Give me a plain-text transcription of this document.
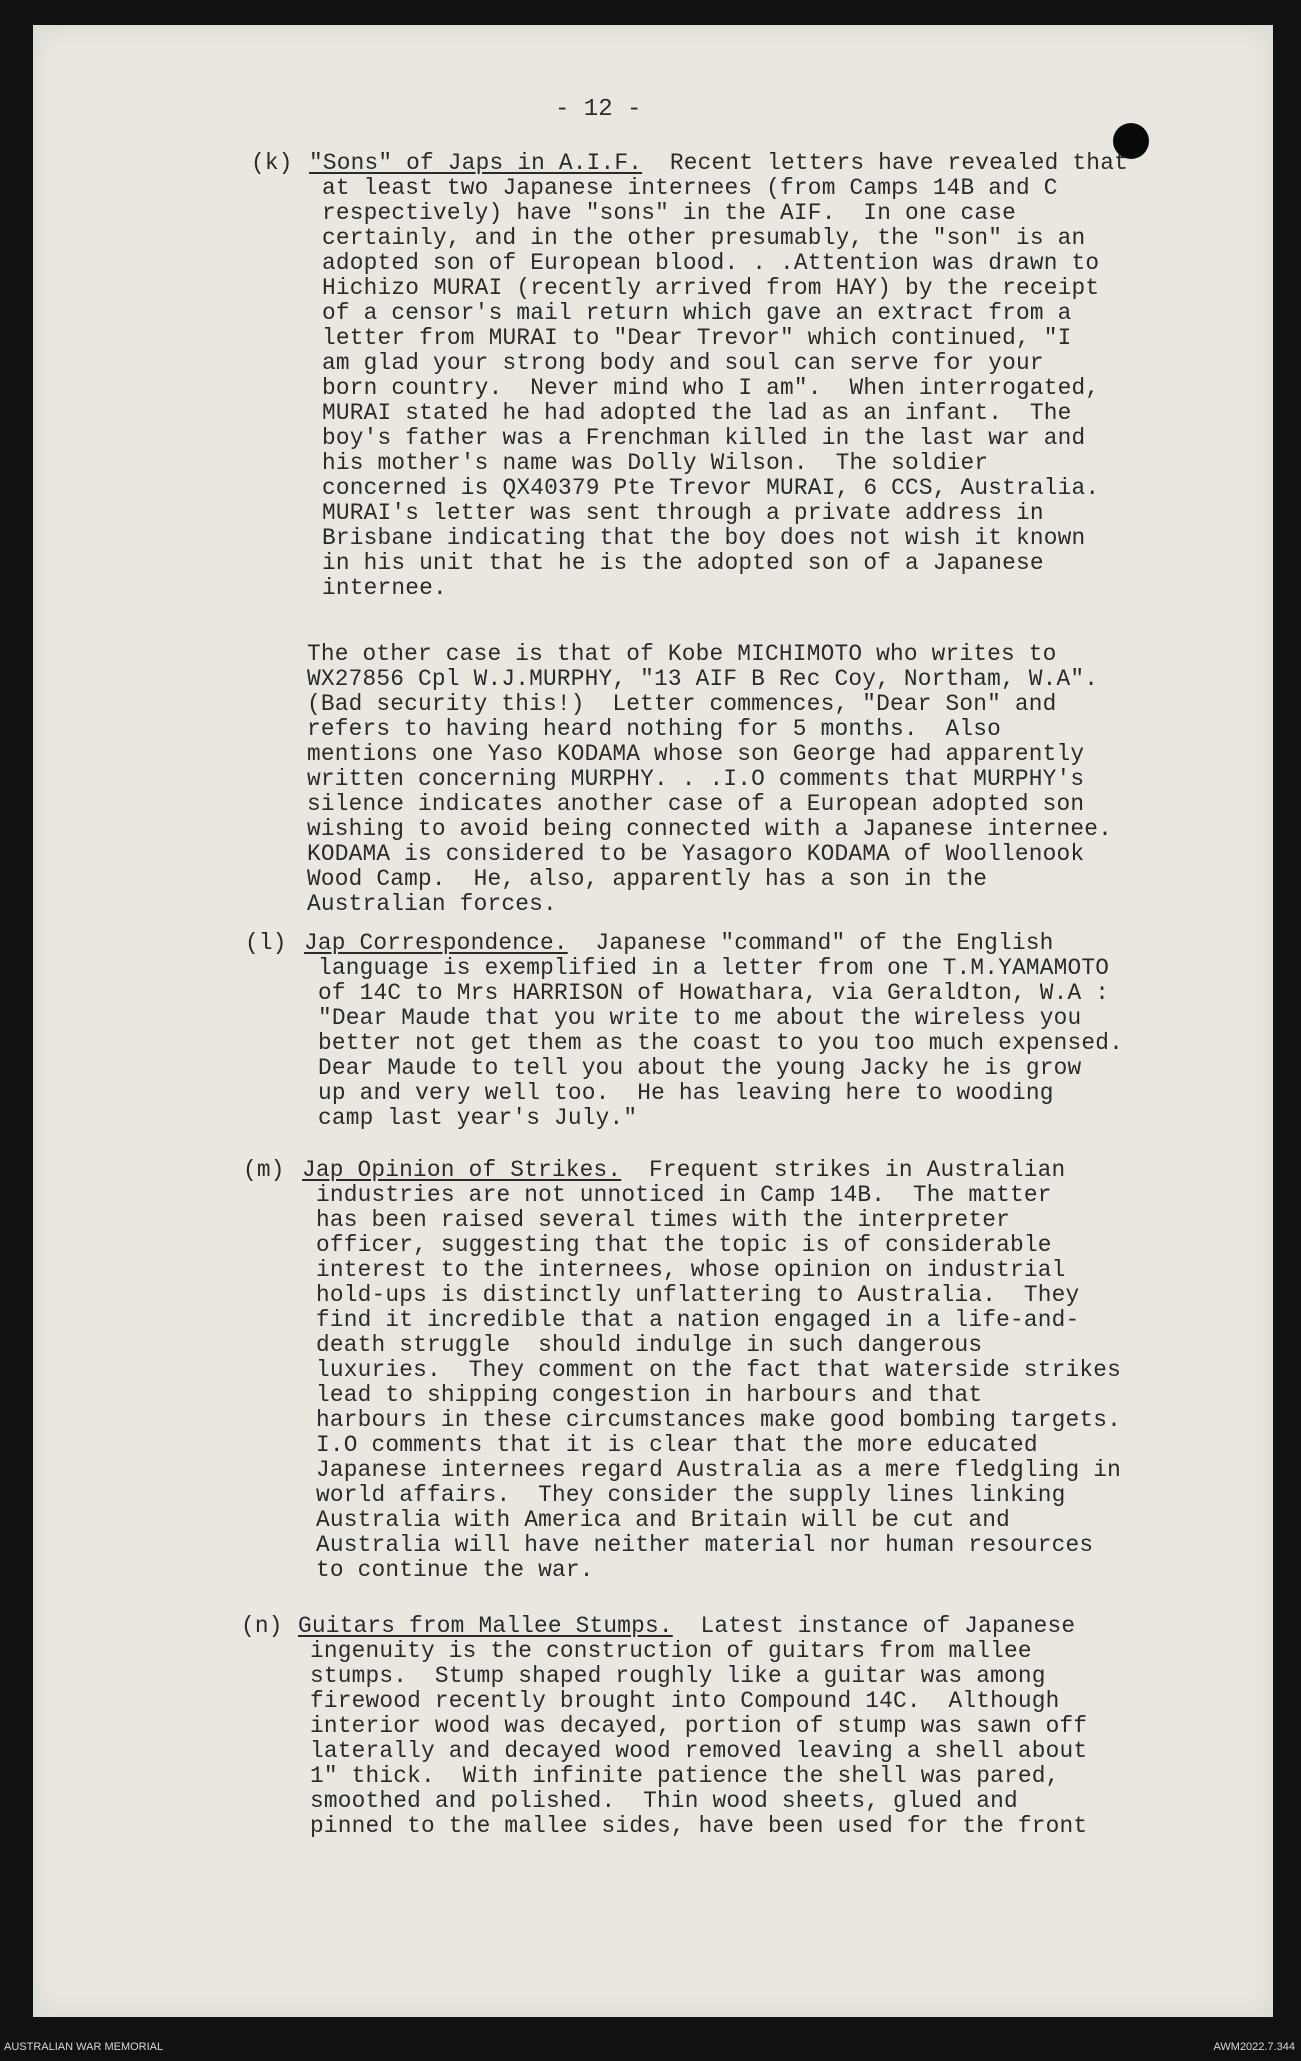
- 12 -
(k) "Sons" of Japs in A.I.F.  Recent letters have revealed that
at least two Japanese internees (from Camps 14B and C
respectively) have "sons" in the AIF.  In one case
certainly, and in the other presumably, the "son" is an
adopted son of European blood. . .Attention was drawn to
Hichizo MURAI (recently arrived from HAY) by the receipt
of a censor's mail return which gave an extract from a
letter from MURAI to "Dear Trevor" which continued, "I
am glad your strong body and soul can serve for your
born country.  Never mind who I am".  When interrogated,
MURAI stated he had adopted the lad as an infant.  The
boy's father was a Frenchman killed in the last war and
his mother's name was Dolly Wilson.  The soldier
concerned is QX40379 Pte Trevor MURAI, 6 CCS, Australia.
MURAI's letter was sent through a private address in
Brisbane indicating that the boy does not wish it known
in his unit that he is the adopted son of a Japanese
internee.
The other case is that of Kobe MICHIMOTO who writes to
WX27856 Cpl W.J.MURPHY, "13 AIF B Rec Coy, Northam, W.A".
(Bad security this!)  Letter commences, "Dear Son" and
refers to having heard nothing for 5 months.  Also
mentions one Yaso KODAMA whose son George had apparently
written concerning MURPHY. . .I.O comments that MURPHY's
silence indicates another case of a European adopted son
wishing to avoid being connected with a Japanese internee.
KODAMA is considered to be Yasagoro KODAMA of Woollenook
Wood Camp.  He, also, apparently has a son in the
Australian forces.
(l) Jap Correspondence.  Japanese "command" of the English
language is exemplified in a letter from one T.M.YAMAMOTO
of 14C to Mrs HARRISON of Howathara, via Geraldton, W.A :
"Dear Maude that you write to me about the wireless you
better not get them as the coast to you too much expensed.
Dear Maude to tell you about the young Jacky he is grow
up and very well too.  He has leaving here to wooding
camp last year's July."
(m) Jap Opinion of Strikes.  Frequent strikes in Australian
industries are not unnoticed in Camp 14B.  The matter
has been raised several times with the interpreter
officer, suggesting that the topic is of considerable
interest to the internees, whose opinion on industrial
hold-ups is distinctly unflattering to Australia.  They
find it incredible that a nation engaged in a life-and-
death struggle  should indulge in such dangerous
luxuries.  They comment on the fact that waterside strikes
lead to shipping congestion in harbours and that
harbours in these circumstances make good bombing targets.
I.O comments that it is clear that the more educated
Japanese internees regard Australia as a mere fledgling in
world affairs.  They consider the supply lines linking
Australia with America and Britain will be cut and
Australia will have neither material nor human resources
to continue the war.
(n) Guitars from Mallee Stumps.  Latest instance of Japanese
ingenuity is the construction of guitars from mallee
stumps.  Stump shaped roughly like a guitar was among
firewood recently brought into Compound 14C.  Although
interior wood was decayed, portion of stump was sawn off
laterally and decayed wood removed leaving a shell about
1" thick.  With infinite patience the shell was pared,
smoothed and polished.  Thin wood sheets, glued and
pinned to the mallee sides, have been used for the front
AUSTRALIAN WAR MEMORIAL	AWM2022.7.344
